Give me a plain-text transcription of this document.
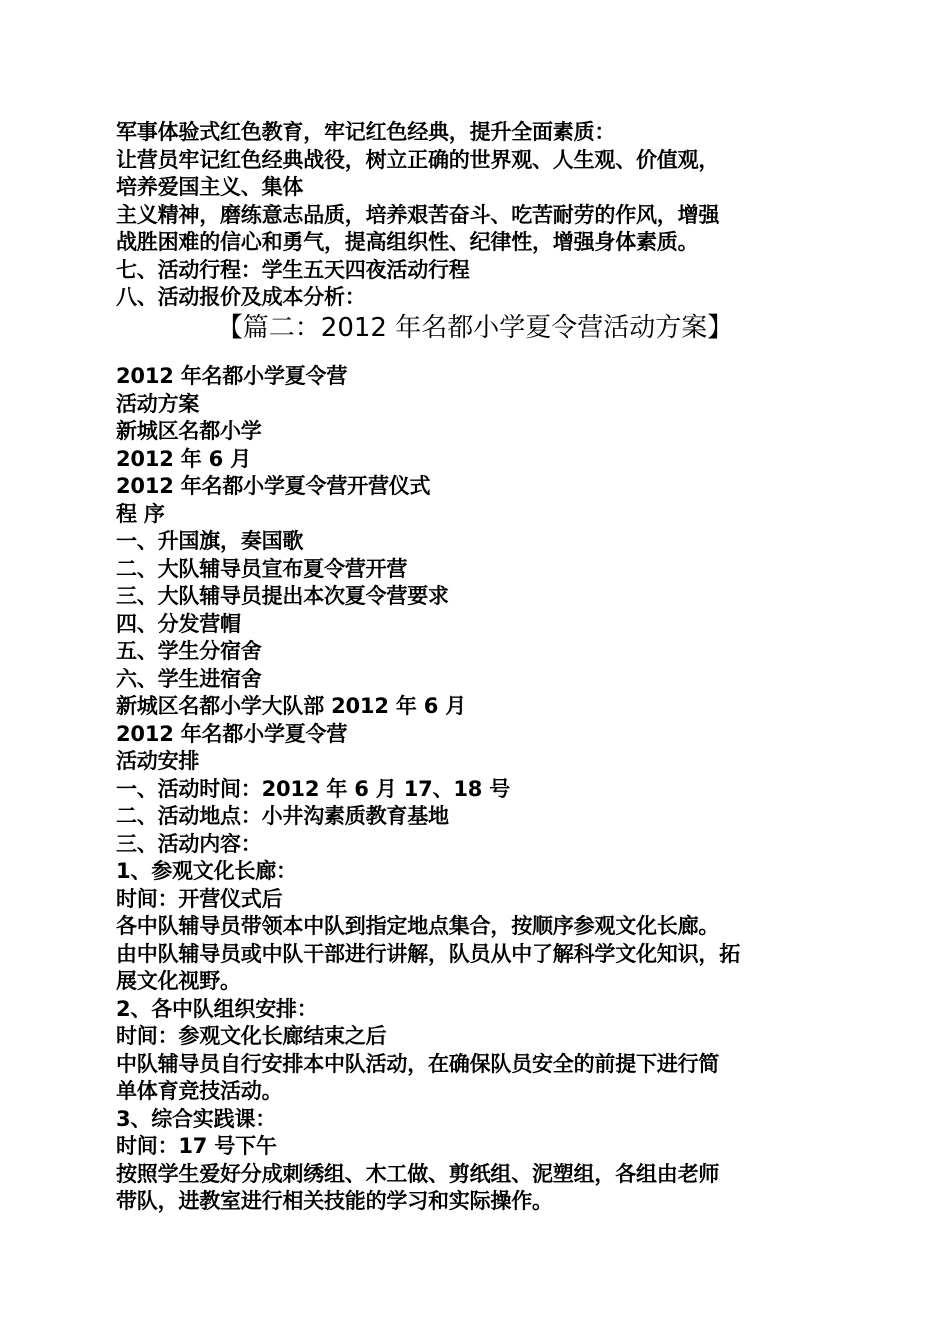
军事体验式红色教育，牢记红色经典，提升全面素质：

让营员牢记红色经典战役，树立正确的世界观、人生观、价值观，

培养爱国主义、集体

主义精神，磨练意志品质，培养艰苦奋斗、吃苦耐劳的作风，增强

战胜困难的信心和勇气，提高组织性、纪律性，增强身体素质。

七、活动行程：学生五天四夜活动行程

八、活动报价及成本分析：

【篇二：2012 年名都小学夏令营活动方案】

2012 年名都小学夏令营

活动方案

新城区名都小学

2012 年 6 月

2012 年名都小学夏令营开营仪式

程 序

一、升国旗，奏国歌

二、大队辅导员宣布夏令营开营

三、大队辅导员提出本次夏令营要求

四、分发营帽

五、学生分宿舍

六、学生进宿舍

新城区名都小学大队部 2012 年 6 月

2012 年名都小学夏令营

活动安排

一、活动时间：2012 年 6 月 17、18 号

二、活动地点：小井沟素质教育基地

三、活动内容：

1、参观文化长廊：

时间：开营仪式后

各中队辅导员带领本中队到指定地点集合，按顺序参观文化长廊。

由中队辅导员或中队干部进行讲解，队员从中了解科学文化知识，拓

展文化视野。

2、各中队组织安排：

时间：参观文化长廊结束之后

中队辅导员自行安排本中队活动，在确保队员安全的前提下进行简

单体育竞技活动。

3、综合实践课：

时间：17 号下午

按照学生爱好分成刺绣组、木工做、剪纸组、泥塑组，各组由老师

带队，进教室进行相关技能的学习和实际操作。
